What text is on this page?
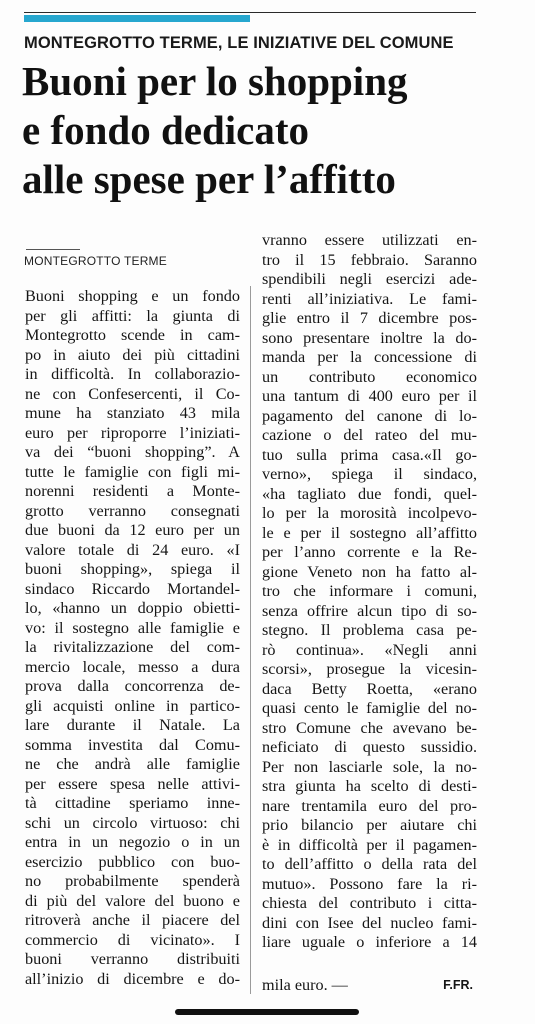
MONTEGROTTO TERME, LE INIZIATIVE DEL COMUNE
Buoni per lo shopping
e fondo dedicato
alle spese per l’affitto
MONTEGROTTO TERME
Buoni shopping e un fondo
per gli affitti: la giunta di
Montegrotto scende in cam-
po in aiuto dei più cittadini
in difficoltà. In collaborazio-
ne con Confesercenti, il Co-
mune ha stanziato 43 mila
euro per riproporre l’iniziati-
va dei “buoni shopping”. A
tutte le famiglie con figli mi-
norenni residenti a Monte-
grotto verranno consegnati
due buoni da 12 euro per un
valore totale di 24 euro. «I
buoni shopping», spiega il
sindaco Riccardo Mortandel-
lo, «hanno un doppio obietti-
vo: il sostegno alle famiglie e
la rivitalizzazione del com-
mercio locale, messo a dura
prova dalla concorrenza de-
gli acquisti online in partico-
lare durante il Natale. La
somma investita dal Comu-
ne che andrà alle famiglie
per essere spesa nelle attivi-
tà cittadine speriamo inne-
schi un circolo virtuoso: chi
entra in un negozio o in un
esercizio pubblico con buo-
no probabilmente spenderà
di più del valore del buono e
ritroverà anche il piacere del
commercio di vicinato». I
buoni verranno distribuiti
all’inizio di dicembre e do-
vranno essere utilizzati en-
tro il 15 febbraio. Saranno
spendibili negli esercizi ade-
renti all’iniziativa. Le fami-
glie entro il 7 dicembre pos-
sono presentare inoltre la do-
manda per la concessione di
un contributo economico
una tantum di 400 euro per il
pagamento del canone di lo-
cazione o del rateo del mu-
tuo sulla prima casa.«Il go-
verno», spiega il sindaco,
«ha tagliato due fondi, quel-
lo per la morosità incolpevo-
le e per il sostegno all’affitto
per l’anno corrente e la Re-
gione Veneto non ha fatto al-
tro che informare i comuni,
senza offrire alcun tipo di so-
stegno. Il problema casa pe-
rò continua». «Negli anni
scorsi», prosegue la vicesin-
daca Betty Roetta, «erano
quasi cento le famiglie del no-
stro Comune che avevano be-
neficiato di questo sussidio.
Per non lasciarle sole, la no-
stra giunta ha scelto di desti-
nare trentamila euro del pro-
prio bilancio per aiutare chi
è in difficoltà per il pagamen-
to dell’affitto o della rata del
mutuo». Possono fare la ri-
chiesta del contributo i citta-
dini con Isee del nucleo fami-
liare uguale o inferiore a 14
mila euro. —	F.FR.
